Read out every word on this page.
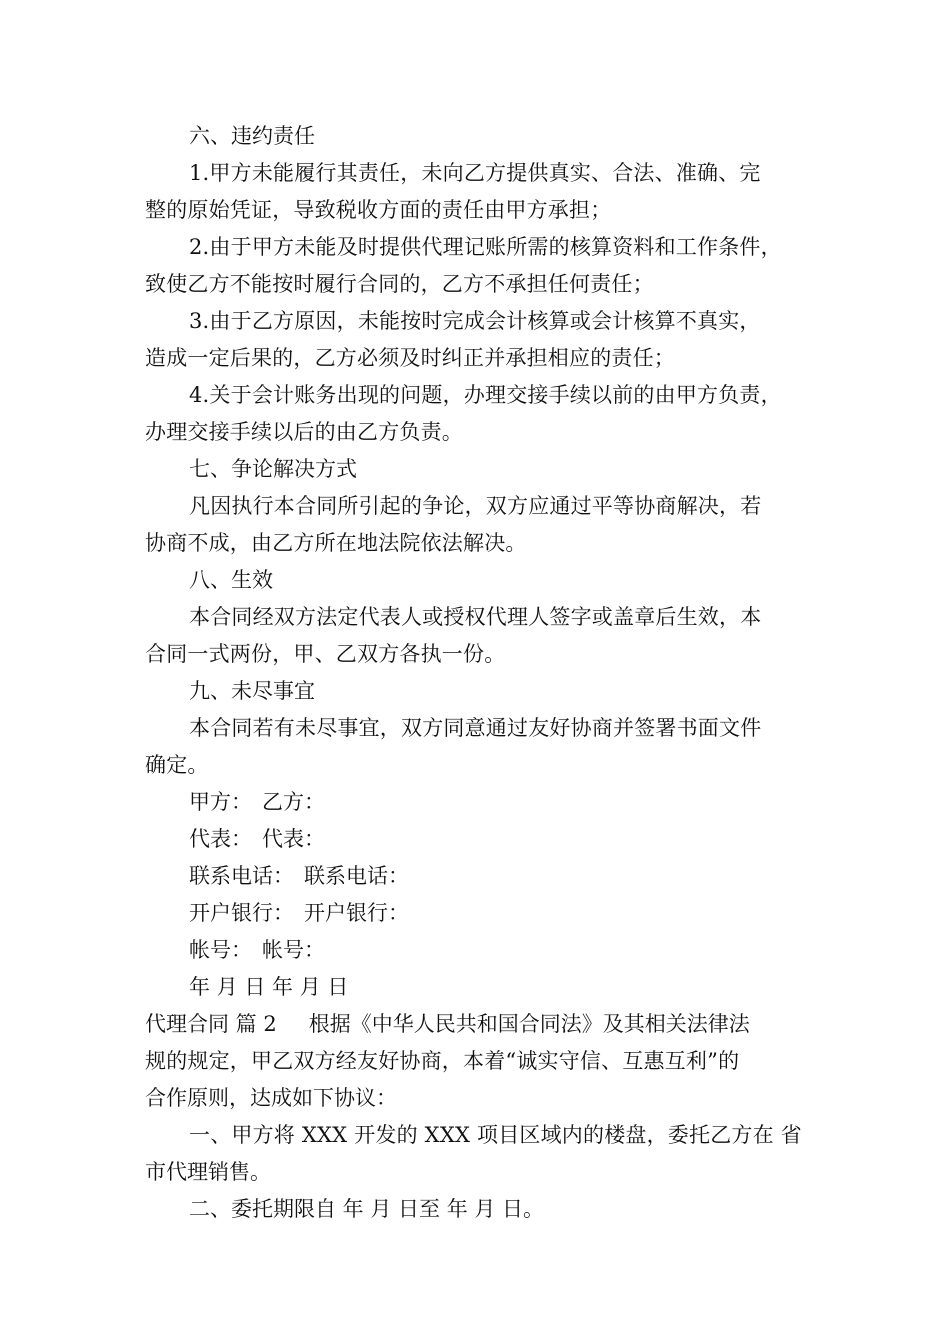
六、违约责任
1.甲方未能履行其责任，未向乙方提供真实、合法、准确、完
整的原始凭证，导致税收方面的责任由甲方承担；
2.由于甲方未能及时提供代理记账所需的核算资料和工作条件，
致使乙方不能按时履行合同的，乙方不承担任何责任；
3.由于乙方原因，未能按时完成会计核算或会计核算不真实，
造成一定后果的，乙方必须及时纠正并承担相应的责任；
4.关于会计账务出现的问题，办理交接手续以前的由甲方负责，
办理交接手续以后的由乙方负责。
七、争论解决方式
凡因执行本合同所引起的争论，双方应通过平等协商解决，若
协商不成，由乙方所在地法院依法解决。
八、生效
本合同经双方法定代表人或授权代理人签字或盖章后生效，本
合同一式两份，甲、乙双方各执一份。
九、未尽事宜
本合同若有未尽事宜，双方同意通过友好协商并签署书面文件
确定。
甲方： 乙方：
代表： 代表：
联系电话： 联系电话：
开户银行： 开户银行：
帐号： 帐号：
年 月 日 年 月 日
代理合同 篇 2 根据《中华人民共和国合同法》及其相关法律法
规的规定，甲乙双方经友好协商，本着“诚实守信、互惠互利”的
合作原则，达成如下协议：
一、甲方将 XXX 开发的 XXX 项目区域内的楼盘，委托乙方在 省
市代理销售。
二、委托期限自 年 月 日至 年 月 日。
